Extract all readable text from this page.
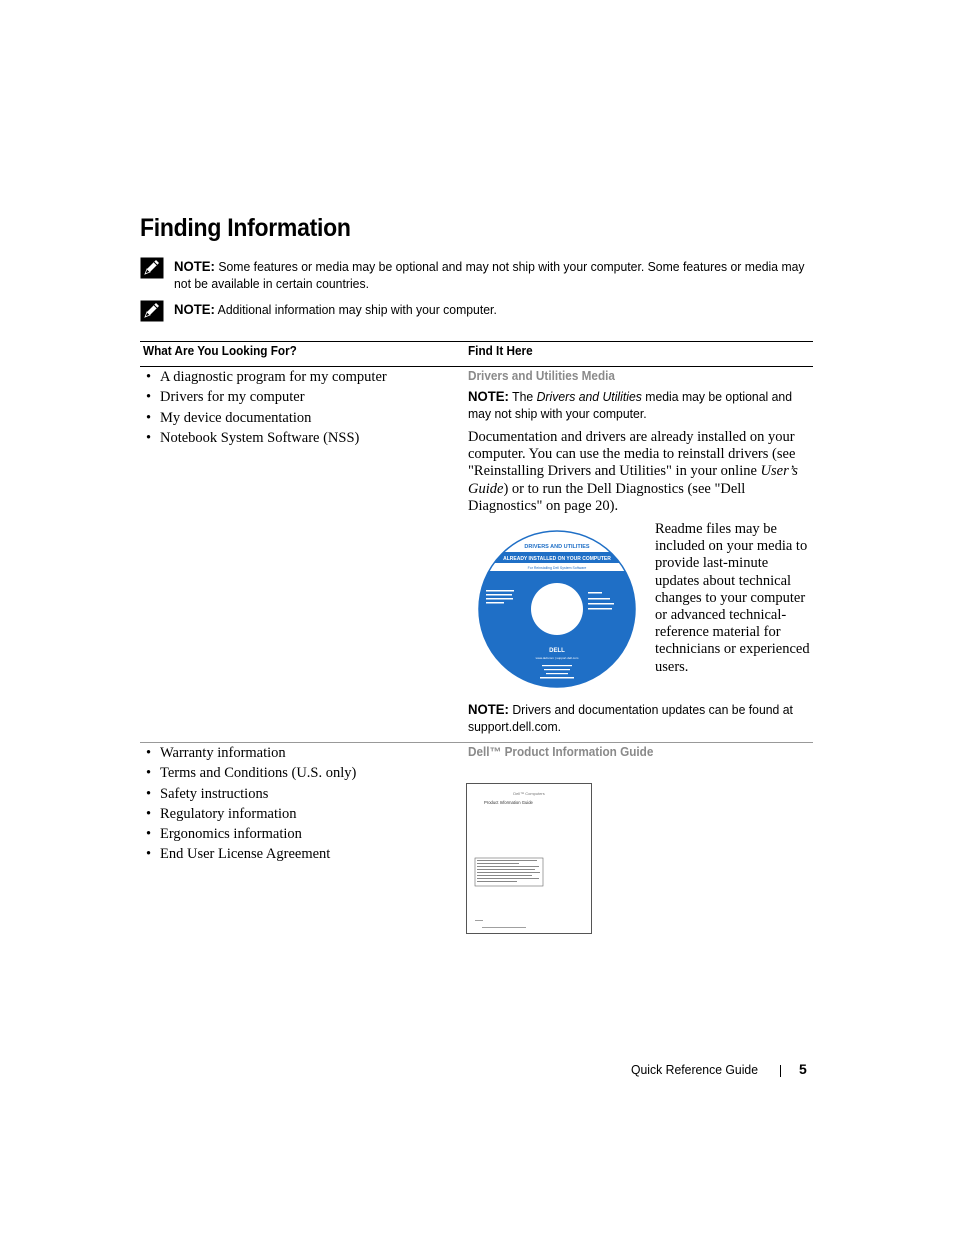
Finding Information
NOTE: Some features or media may be optional and may not ship with your computer. Some features or media may
not be available in certain countries.
NOTE: Additional information may ship with your computer.
What Are You Looking For?	Find It Here
• A diagnostic program for my computer
• Drivers for my computer
• My device documentation
• Notebook System Software (NSS)
Drivers and Utilities Media
NOTE: The Drivers and Utilities media may be optional and
may not ship with your computer.
Documentation and drivers are already installed on your
computer. You can use the media to reinstall drivers (see
"Reinstalling Drivers and Utilities" in your online User’s
Guide) or to run the Dell Diagnostics (see "Dell
Diagnostics" on page 20).
DRIVERS AND UTILITIES
ALREADY INSTALLED ON YOUR COMPUTER
For Reinstalling Dell System Software
DELL
www.dell.com | support.dell.com
Readme files may be
included on your media to
provide last-minute
updates about technical
changes to your computer
or advanced technical-
reference material for
technicians or experienced
users.
NOTE: Drivers and documentation updates can be found at
support.dell.com.
• Warranty information
• Terms and Conditions (U.S. only)
• Safety instructions
• Regulatory information
• Ergonomics information
• End User License Agreement
Dell™ Product Information Guide
Dell™ Computers
Product Information Guide
Quick Reference Guide	5
